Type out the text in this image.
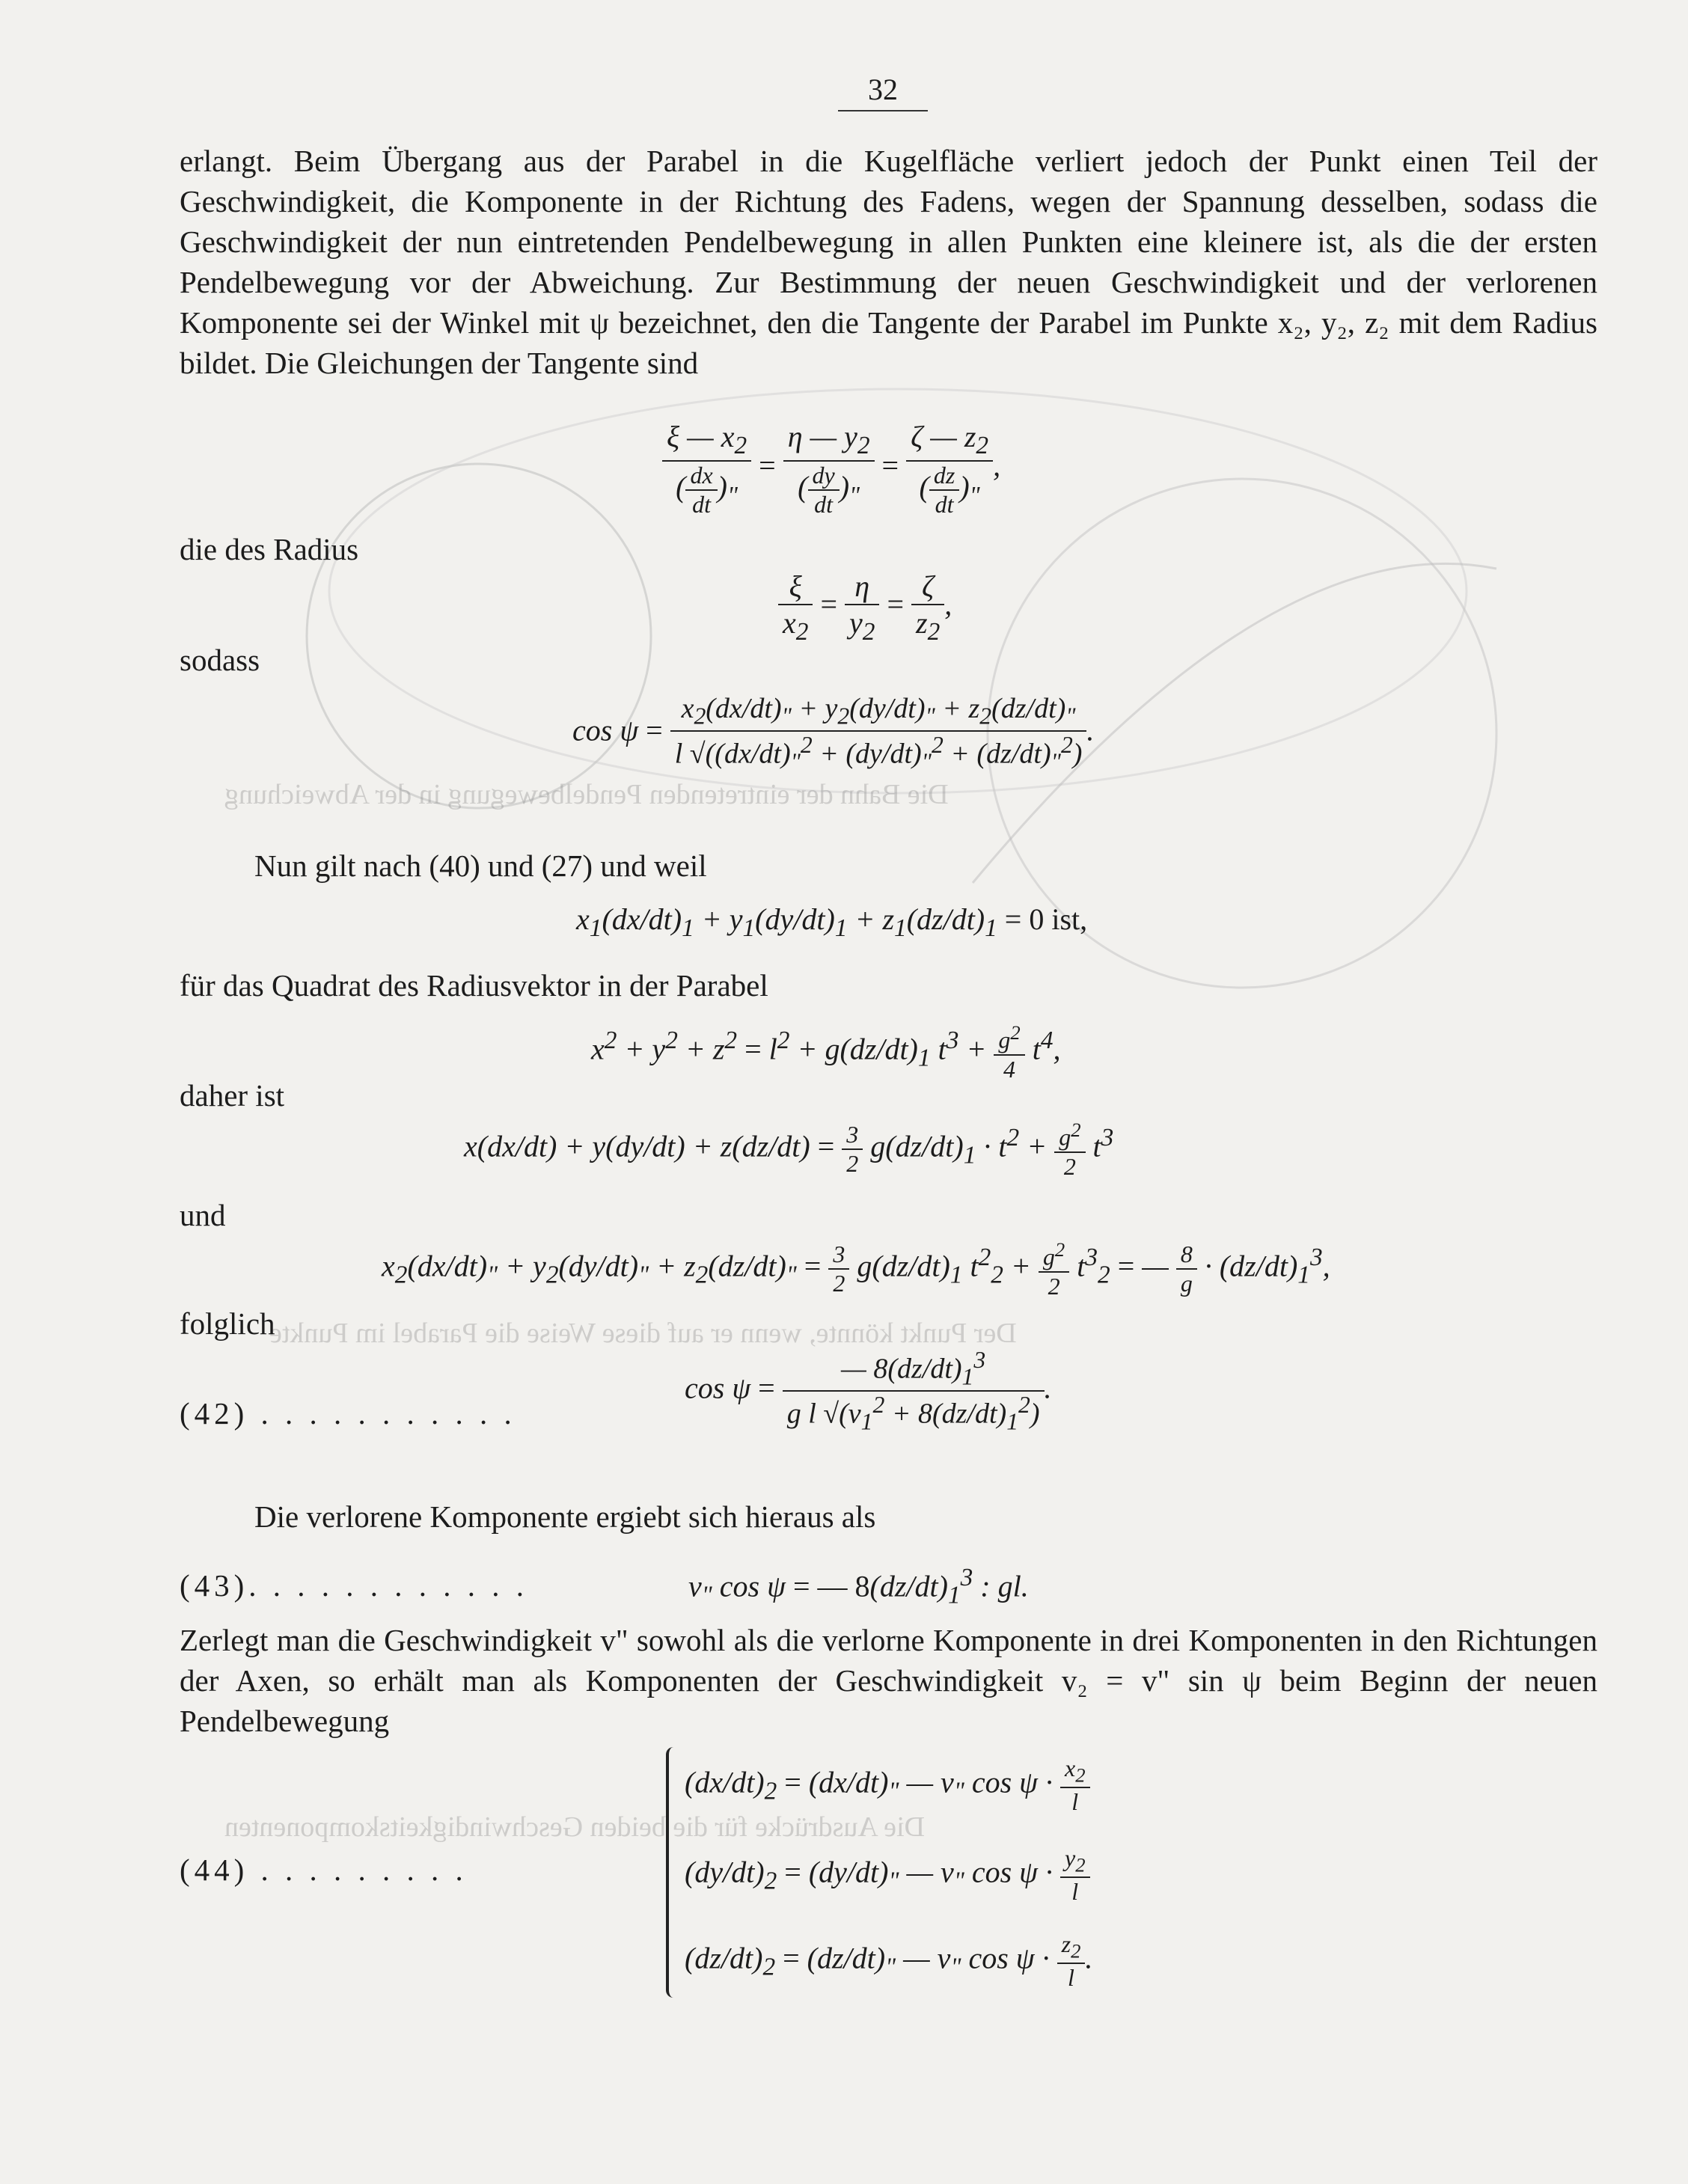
Die Bahn der eintretenden Pendelbewegung in der Abweichung
Der Punkt könnte, wenn er auf diese Weise die Parabel im Punkte
Die Ausdrücke für die beiden Geschwindigkeitskomponenten
32
erlangt. Beim Übergang aus der Parabel in die Kugelfläche verliert jedoch der Punkt einen Teil der Geschwindigkeit, die Komponente in der Richtung des Fadens, wegen der Spannung desselben, sodass die Geschwindigkeit der nun eintretenden Pendelbewegung in allen Punkten eine kleinere ist, als die der ersten Pendelbewegung vor der Abweichung. Zur Bestimmung der neuen Geschwindigkeit und der verlorenen Komponente sei der Winkel mit ψ bezeichnet, den die Tangente der Parabel im Punkte x₂, y₂, z₂ mit dem Radius bildet. Die Gleichungen der Tangente sind
$\frac{\xi — x_2}{( \frac{dx}{dt} )_"} = \frac{\eta — y_2}{( \frac{dy}{dt} )_"} = \frac{\zeta — z_2}{( \frac{dz}{dt} )_"}$ ,
die des Radius
$\frac{\xi}{x_2} = \frac{\eta}{y_2} = \frac{\zeta}{z_2}$ ,
sodass
$\cos \psi = \frac{x_2(dx/dt)_" + y_2(dy/dt)_" + z_2(dz/dt)_"}{l √((dx/dt)_"^2 + (dy/dt)_"^2 + (dz/dt)_"^2)}$ .
Nun gilt nach (40) und (27) und weil
$x_1(dx/dt)_1 + y_1(dy/dt)_1 + z_1(dz/dt)_1 = 0$ ist,
für das Quadrat des Radiusvektor in der Parabel
$x^2 + y^2 + z^2 = l^2 + g(dz/dt)_1$ $t^3 + \frac{g^2}{4} t^4$,
daher ist
$x(dx/dt) + y(dy/dt) + z(dz/dt) = \frac{3}{2} g(dz/dt)_1 \cdot t^2 + \frac{g^2}{2} t^3$
und
$x_2(dx/dt)_" + y_2(dy/dt)_" + z_2(dz/dt)_" = \frac{3}{2} g(dz/dt)_1$ $t^2_2 + \frac{g^2}{2} t^3_2$ = — $\frac{8}{g} \cdot (dz/dt)_1^3$,
folglich
(42) . . . . . . . . . . .
$\cos \psi = \frac{— 8(dz/dt)_1^3}{g l √(v_1^2 + 8(dz/dt)_1^2)}$ .
Die verlorene Komponente ergiebt sich hieraus als
(43). . . . . . . . . . . .	$v_"$ cos ψ = — $8(dz/dt)_1^3$ : gl.
Zerlegt man die Geschwindigkeit v" sowohl als die verlorne Komponente in drei Komponenten in den Richtungen der Axen, so erhält man als Komponenten der Geschwindigkeit v₂ = v" sin ψ beim Beginn der neuen Pendelbewegung
(44) . . . . . . . . .
$(dx/dt)_2 = (dx/dt)_"$ — $v_"$ $\cos \psi \cdot \frac{x_2}{l}$
$(dy/dt)_2 = (dy/dt)_"$ — $v_"$ $\cos \psi \cdot \frac{y_2}{l}$
$(dz/dt)_2 = (dz/dt)_"$ — $v_"$ $\cos \psi \cdot \frac{z_2}{l}$ .
